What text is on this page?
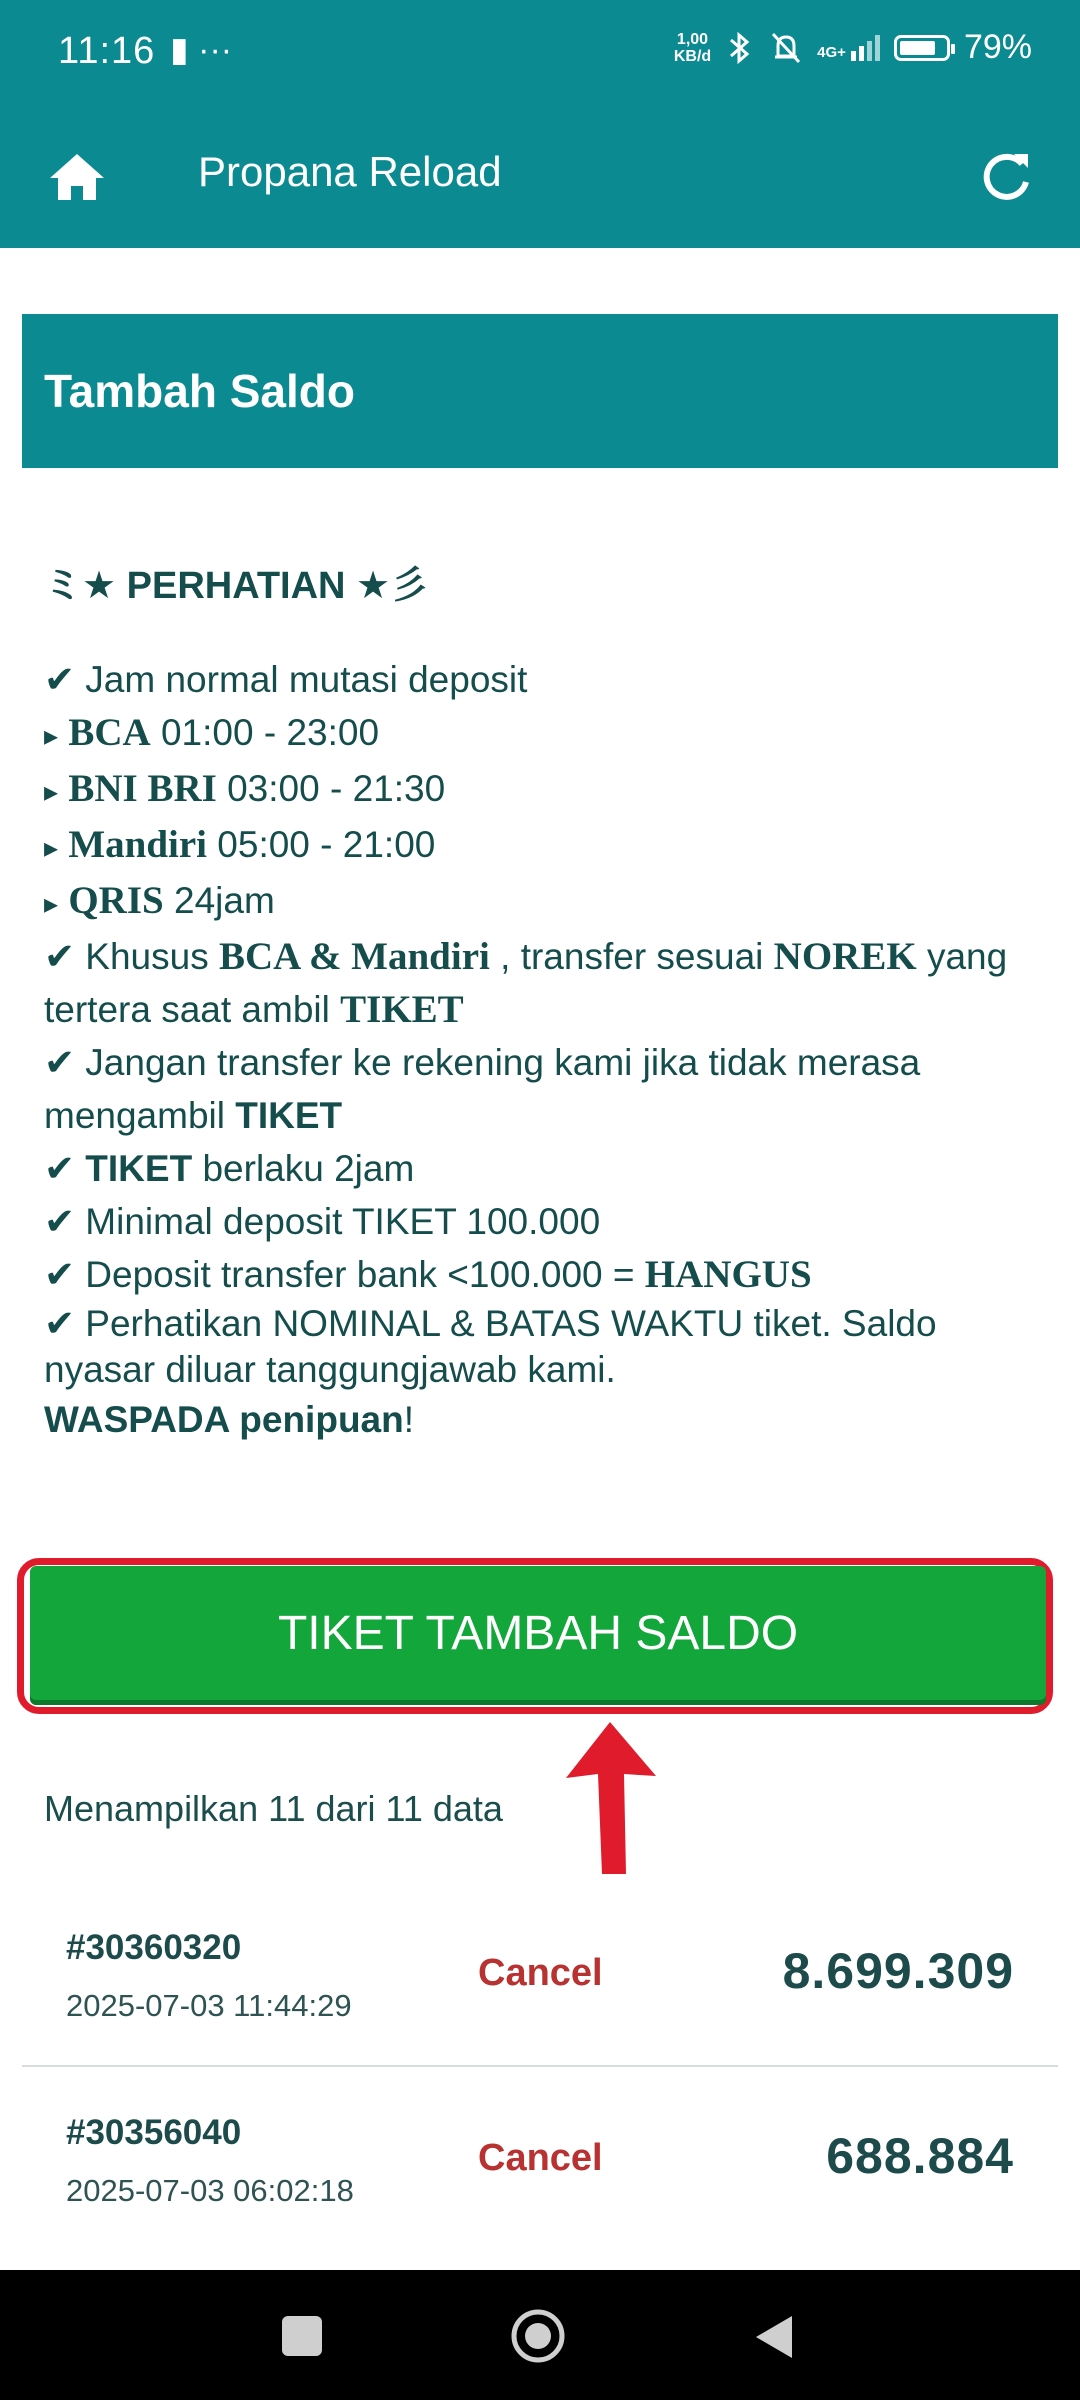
11:16 ▮ ···	1,00
KB/d	4G+	79%
Propana Reload
Tambah Saldo
ミ★ PERHATIAN ★彡

✔ Jam normal mutasi deposit

▸ BCA 01:00 - 23:00

▸ BNI BRI 03:00 - 21:30

▸ Mandiri 05:00 - 21:00

▸ QRIS 24jam

✔ Khusus BCA & Mandiri , transfer sesuai NOREK yang tertera saat ambil TIKET

✔ Jangan transfer ke rekening kami jika tidak merasa mengambil TIKET

✔ TIKET berlaku 2jam

✔ Minimal deposit TIKET 100.000

✔ Deposit transfer bank <100.000 = HANGUS

✔ Perhatikan NOMINAL & BATAS WAKTU tiket. Saldo nyasar diluar tanggungjawab kami.

WASPADA penipuan!

TIKET TAMBAH SALDO
Menampilkan 11 dari 11 data
#30360320
2025-07-03 11:44:29
Cancel	8.699.309
#30356040
2025-07-03 06:02:18
Cancel	688.884
